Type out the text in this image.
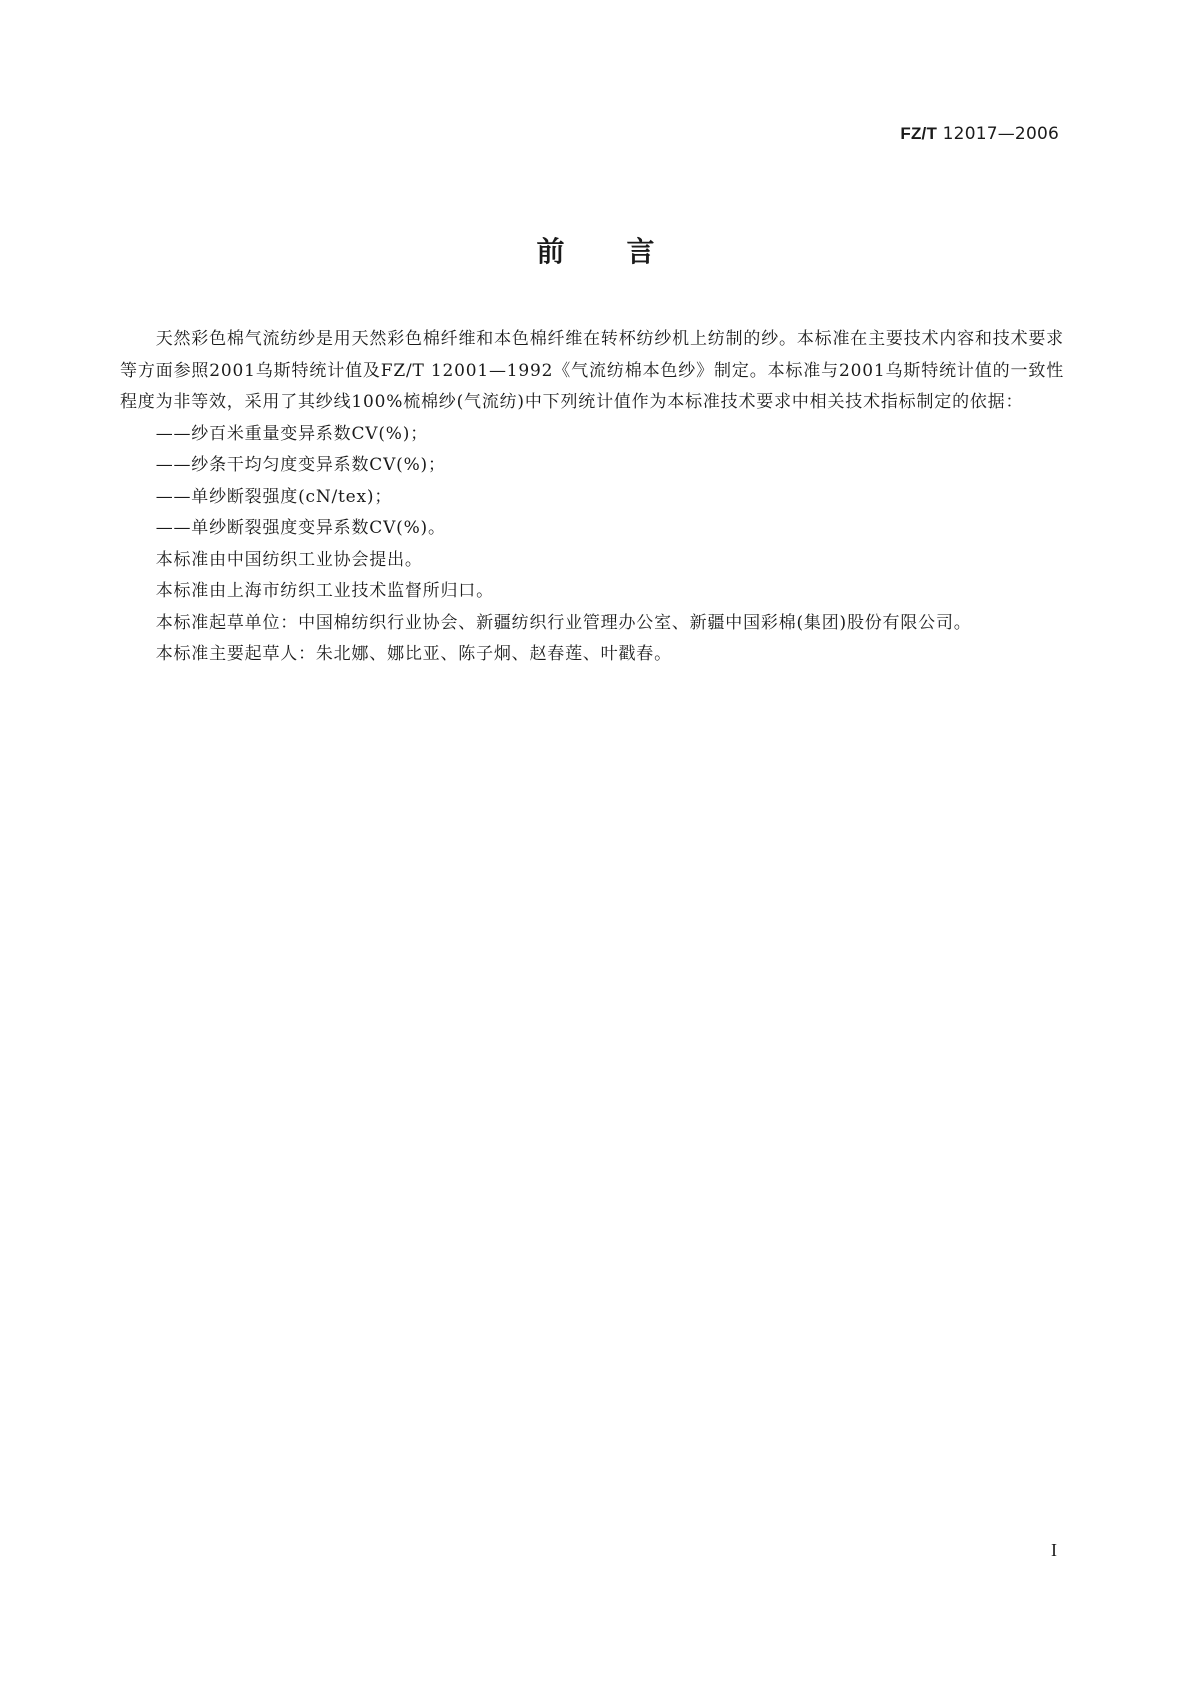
FZ/T 12017—2006
前言

天然彩色棉气流纺纱是用天然彩色棉纤维和本色棉纤维在转杯纺纱机上纺制的纱。本标准在主要技术内容和技术要求等方面参照2001乌斯特统计值及FZ/T 12001—1992《气流纺棉本色纱》制定。本标准与2001乌斯特统计值的一致性程度为非等效，采用了其纱线100%梳棉纱(气流纺)中下列统计值作为本标准技术要求中相关技术指标制定的依据：

——纱百米重量变异系数CV(%)；

——纱条干均匀度变异系数CV(%)；

——单纱断裂强度(cN/tex)；

——单纱断裂强度变异系数CV(%)。

本标准由中国纺织工业协会提出。

本标准由上海市纺织工业技术监督所归口。

本标准起草单位：中国棉纺织行业协会、新疆纺织行业管理办公室、新疆中国彩棉(集团)股份有限公司。

本标准主要起草人：朱北娜、娜比亚、陈子炯、赵春莲、叶戳春。

I
